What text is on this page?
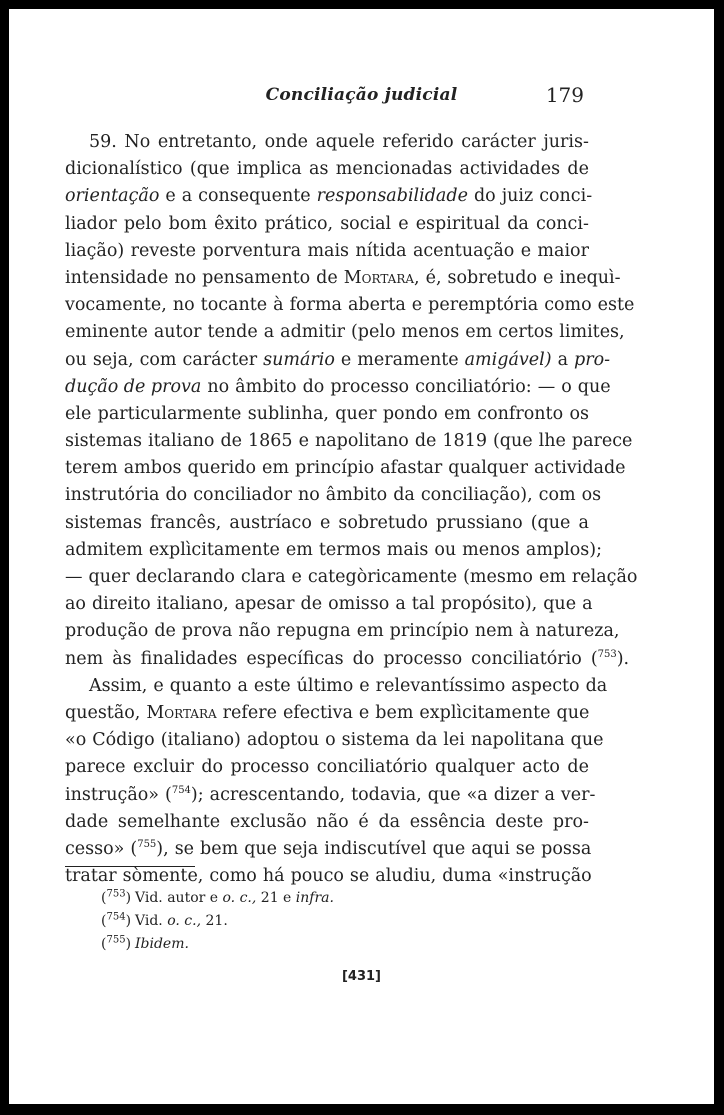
Conciliação judicial	179
59. No entretanto, onde aquele referido carácter juris-
dicionalístico (que implica as mencionadas actividades de
orientação e a consequente responsabilidade do juiz conci-
liador pelo bom êxito prático, social e espiritual da conci-
liação) reveste porventura mais nítida acentuação e maior
intensidade no pensamento de Mortara, é, sobretudo e inequì-
vocamente, no tocante à forma aberta e peremptória como este
eminente autor tende a admitir (pelo menos em certos limites,
ou seja, com carácter sumário e meramente amigável) a pro-
dução de prova no âmbito do processo conciliatório: — o que
ele particularmente sublinha, quer pondo em confronto os
sistemas italiano de 1865 e napolitano de 1819 (que lhe parece
terem ambos querido em princípio afastar qualquer actividade
instrutória do conciliador no âmbito da conciliação), com os
sistemas francês, austríaco e sobretudo prussiano (que a
admitem explìcitamente em termos mais ou menos amplos);
— quer declarando clara e categòricamente (mesmo em relação
ao direito italiano, apesar de omisso a tal propósito), que a
produção de prova não repugna em princípio nem à natureza,
nem às finalidades específicas do processo conciliatório ($^{753}$).
Assim, e quanto a este último e relevantíssimo aspecto da
questão, Mortara refere efectiva e bem explìcitamente que
«o Código (italiano) adoptou o sistema da lei napolitana que
parece excluir do processo conciliatório qualquer acto de
instrução» ($^{754}$); acrescentando, todavia, que «a dizer a ver-
dade semelhante exclusão não é da essência deste pro-
cesso» ($^{755}$), se bem que seja indiscutível que aqui se possa
tratar sòmente, como há pouco se aludiu, duma «instrução
($^{753}$) Vid. autor e o. c., 21 e infra.
($^{754}$) Vid. o. c., 21.
($^{755}$) Ibidem.
[431]
